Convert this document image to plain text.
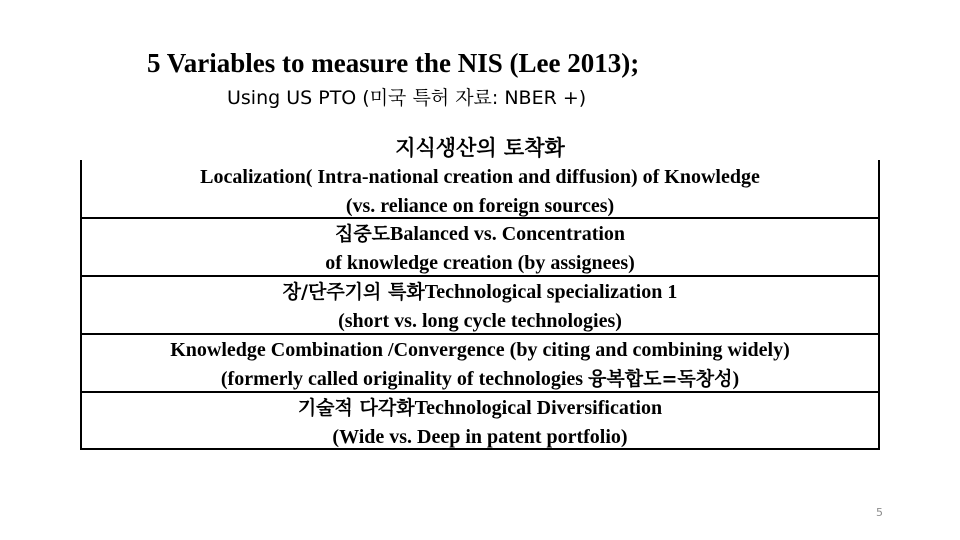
5 Variables to measure the NIS (Lee 2013);
Using US PTO (미국 특허 자료: NBER +)
지식생산의 토착화
Localization( Intra-national creation and diffusion) of Knowledge
(vs. reliance on foreign sources)
집중도Balanced vs. Concentration
of knowledge creation (by assignees)
장/단주기의 특화Technological specialization 1
(short vs. long cycle technologies)
Knowledge Combination /Convergence (by citing and combining widely)
(formerly called originality of technologies 융복합도=독창성)
기술적 다각화Technological Diversification
(Wide vs. Deep in patent portfolio)
5
